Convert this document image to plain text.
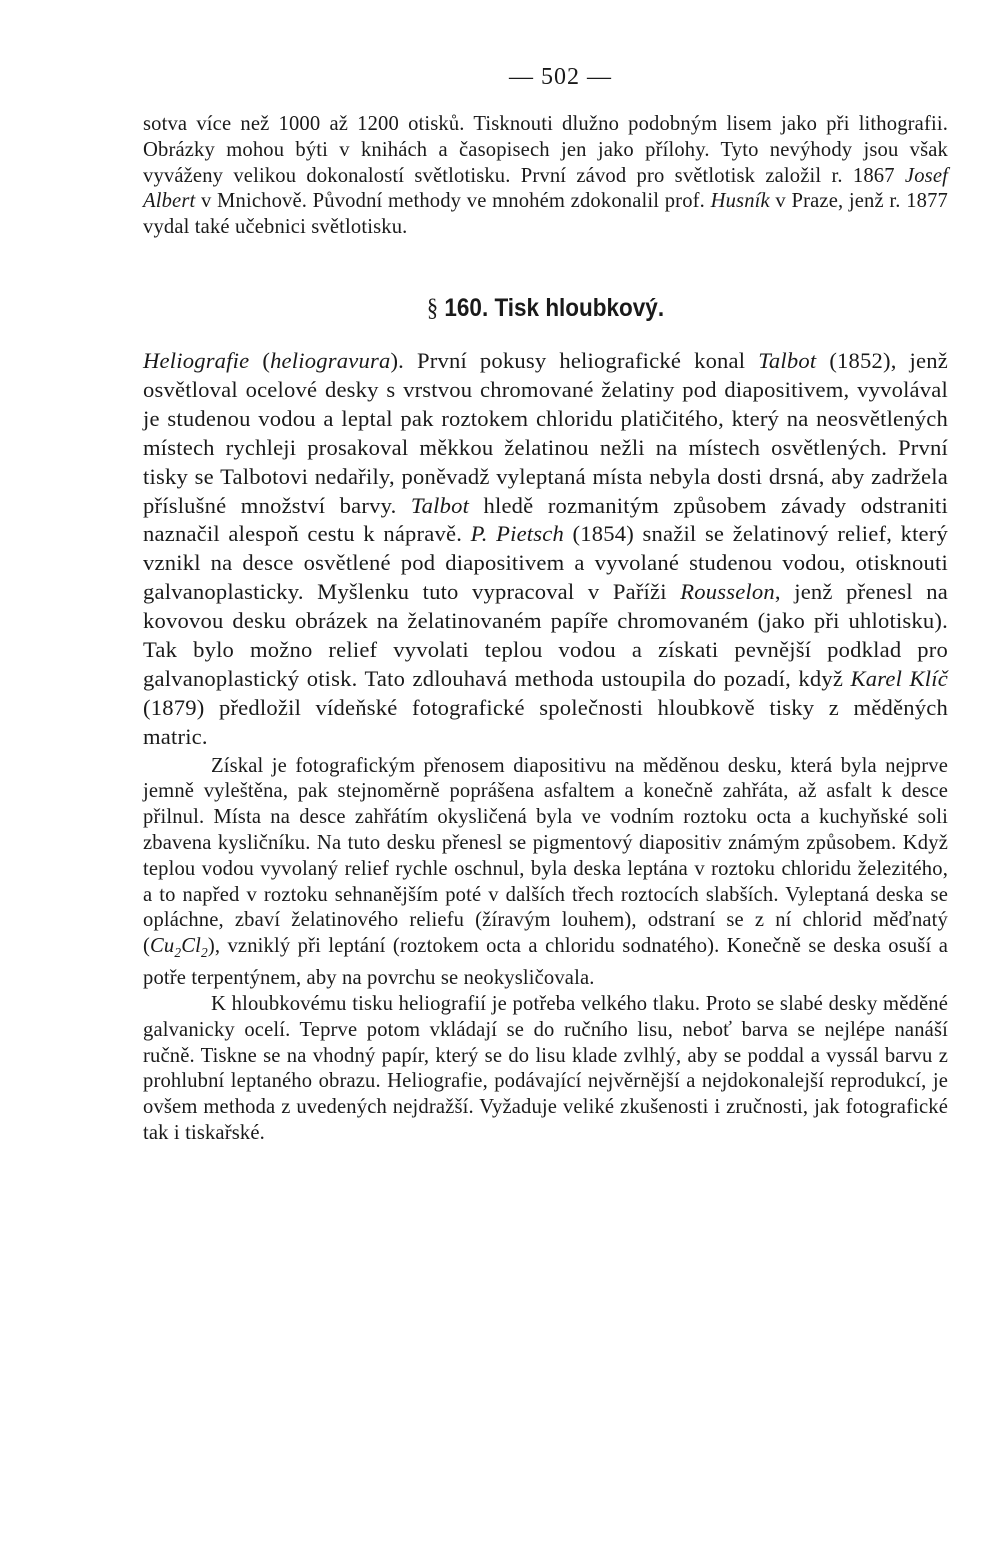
— 502 —

sotva více než 1000 až 1200 otisků. Tisknouti dlužno podobným lisem jako při lithografii. Obrázky mohou býti v knihách a časopisech jen jako přílohy. Tyto nevýhody jsou však vyváženy velikou dokonalostí světlotisku. První závod pro světlotisk založil r. 1867 Josef Albert v Mnichově. Původní methody ve mnohém zdokonalil prof. Husník v Praze, jenž r. 1877 vydal také učebnici světlotisku.

§ 160. Tisk hloubkový.

Heliografie (heliogravura). První pokusy heliografické konal Talbot (1852), jenž osvětloval ocelové desky s vrstvou chromované želatiny pod diapositivem, vyvolával je studenou vodou a leptal pak roztokem chloridu platičitého, který na neosvětlených místech rychleji prosakoval měkkou želatinou nežli na místech osvětlených. První tisky se Talbotovi nedařily, poněvadž vyleptaná místa nebyla dosti drsná, aby zadržela příslušné množství barvy. Talbot hledě rozmanitým způsobem závady odstraniti naznačil alespoň cestu k nápravě. P. Pietsch (1854) snažil se želatinový relief, který vznikl na desce osvětlené pod diapositivem a vyvolané studenou vodou, otisknouti galvanoplasticky. Myšlenku tuto vypracoval v Paříži Rousselon, jenž přenesl na kovovou desku obrázek na želatinovaném papíře chromovaném (jako při uhlotisku). Tak bylo možno relief vyvolati teplou vodou a získati pevnější podklad pro galvanoplastický otisk. Tato zdlouhavá methoda ustoupila do pozadí, když Karel Klíč (1879) předložil vídeňské fotografické společnosti hloubkově tisky z měděných matric.

Získal je fotografickým přenosem diapositivu na měděnou desku, která byla nejprve jemně vyleštěna, pak stejnoměrně poprášena asfaltem a konečně zahřáta, až asfalt k desce přilnul. Místa na desce zahřátím okysličená byla ve vodním roztoku octa a kuchyňské soli zbavena kysličníku. Na tuto desku přenesl se pigmentový diapositiv známým způsobem. Když teplou vodou vyvolaný relief rychle oschnul, byla deska leptána v roztoku chloridu železitého, a to napřed v roztoku sehnanějším poté v dalších třech roztocích slabších. Vyleptaná deska se opláchne, zbaví želatinového reliefu (žíravým louhem), odstraní se z ní chlorid měďnatý $(Cu_2Cl_2)$, vzniklý při leptání (roztokem octa a chloridu sodnatého). Konečně se deska osuší a potře terpentýnem, aby na povrchu se neokysličovala.

K hloubkovému tisku heliografií je potřeba velkého tlaku. Proto se slabé desky měděné galvanicky ocelí. Teprve potom vkládají se do ručního lisu, neboť barva se nejlépe nanáší ručně. Tiskne se na vhodný papír, který se do lisu klade zvlhlý, aby se poddal a vyssál barvu z prohlubní leptaného obrazu. Heliografie, podávající nejvěrnější a nejdokonalejší reprodukcí, je ovšem methoda z uvedených nejdražší. Vyžaduje veliké zkušenosti i zručnosti, jak fotografické tak i tiskařské.
